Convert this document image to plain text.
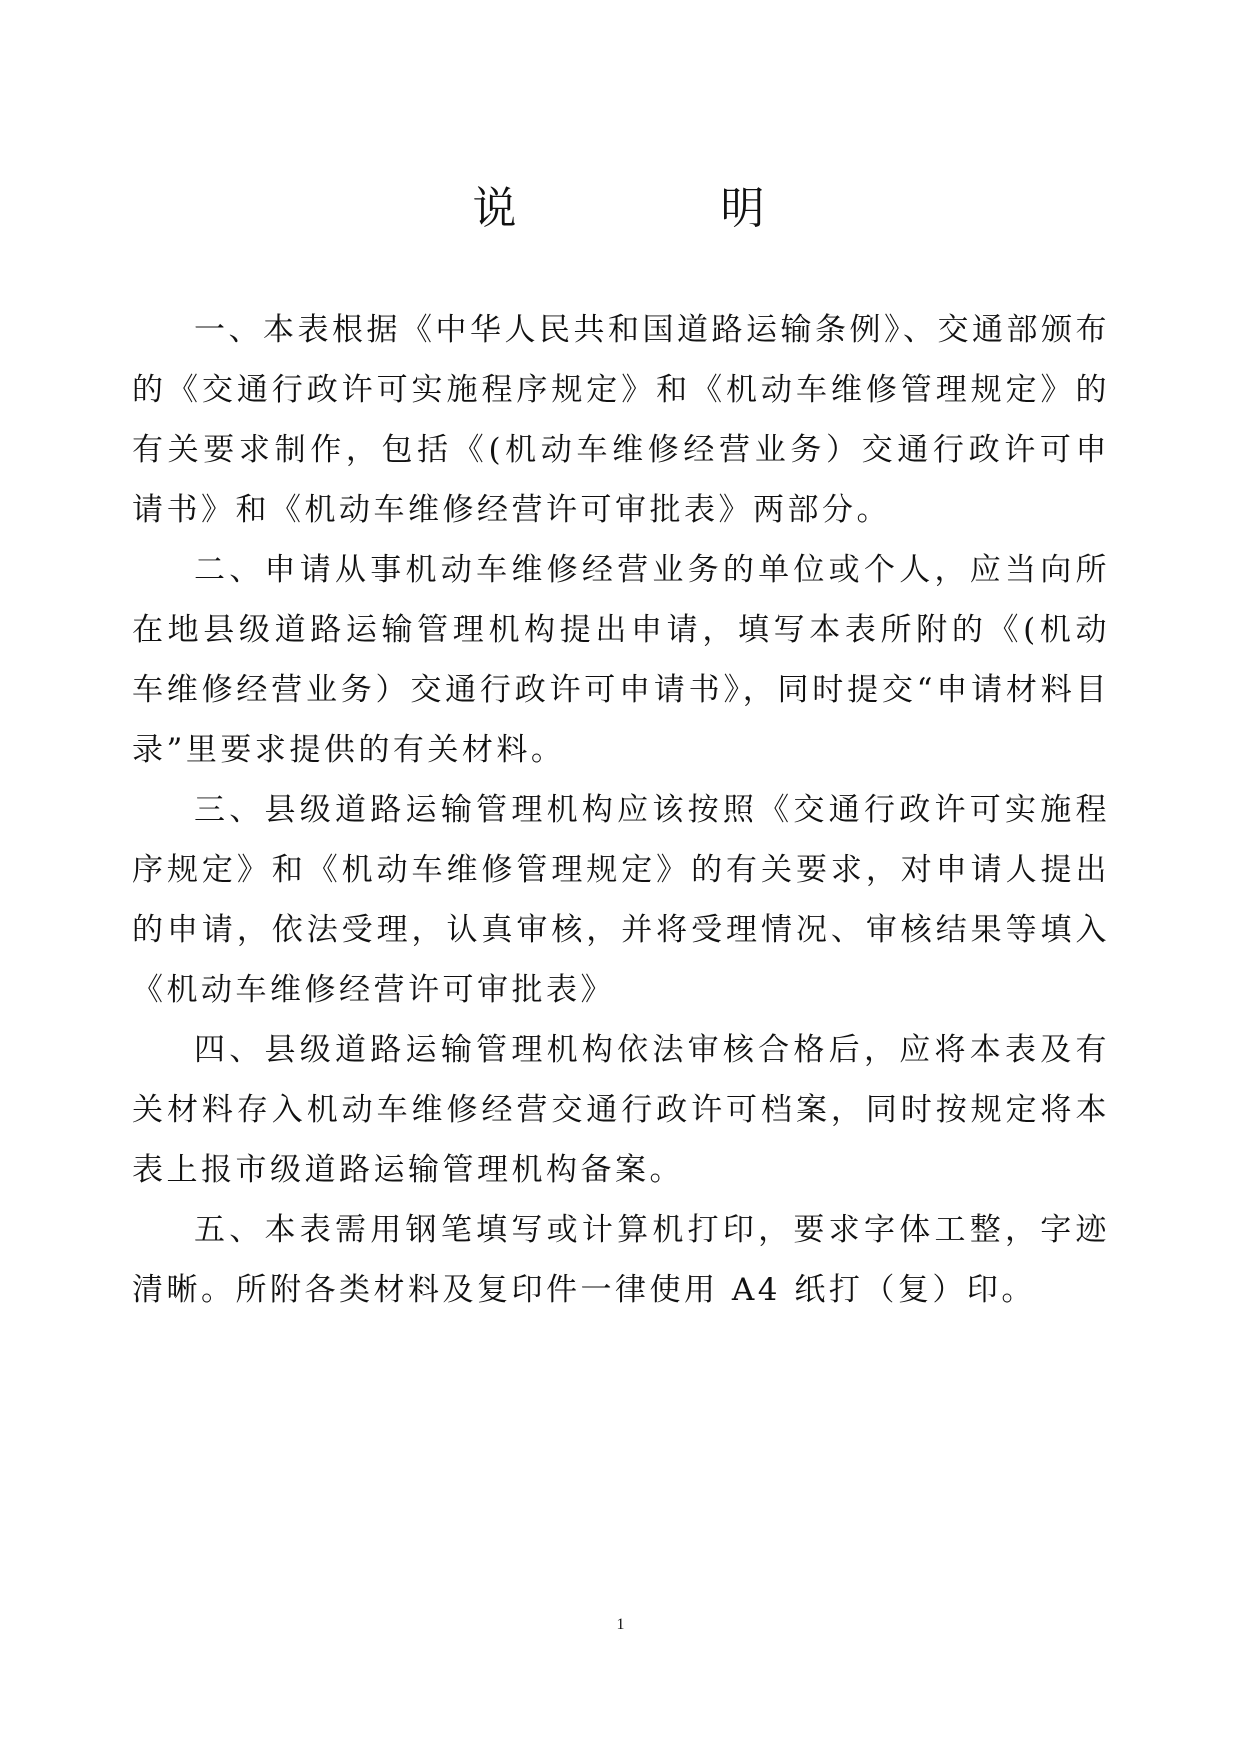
说	明

一、本表根据《中华人民共和国道路运输条例》、交通部颁布的《交通行政许可实施程序规定》和《机动车维修管理规定》的有关要求制作，包括《(机动车维修经营业务）交通行政许可申请书》和《机动车维修经营许可审批表》两部分。

二、申请从事机动车维修经营业务的单位或个人，应当向所在地县级道路运输管理机构提出申请，填写本表所附的《(机动车维修经营业务）交通行政许可申请书》，同时提交“申请材料目录”里要求提供的有关材料。

三、县级道路运输管理机构应该按照《交通行政许可实施程序规定》和《机动车维修管理规定》的有关要求，对申请人提出的申请，依法受理，认真审核，并将受理情况、审核结果等填入《机动车维修经营许可审批表》

四、县级道路运输管理机构依法审核合格后，应将本表及有关材料存入机动车维修经营交通行政许可档案，同时按规定将本表上报市级道路运输管理机构备案。

五、本表需用钢笔填写或计算机打印，要求字体工整，字迹清晰。所附各类材料及复印件一律使用 A4 纸打（复）印。

1
